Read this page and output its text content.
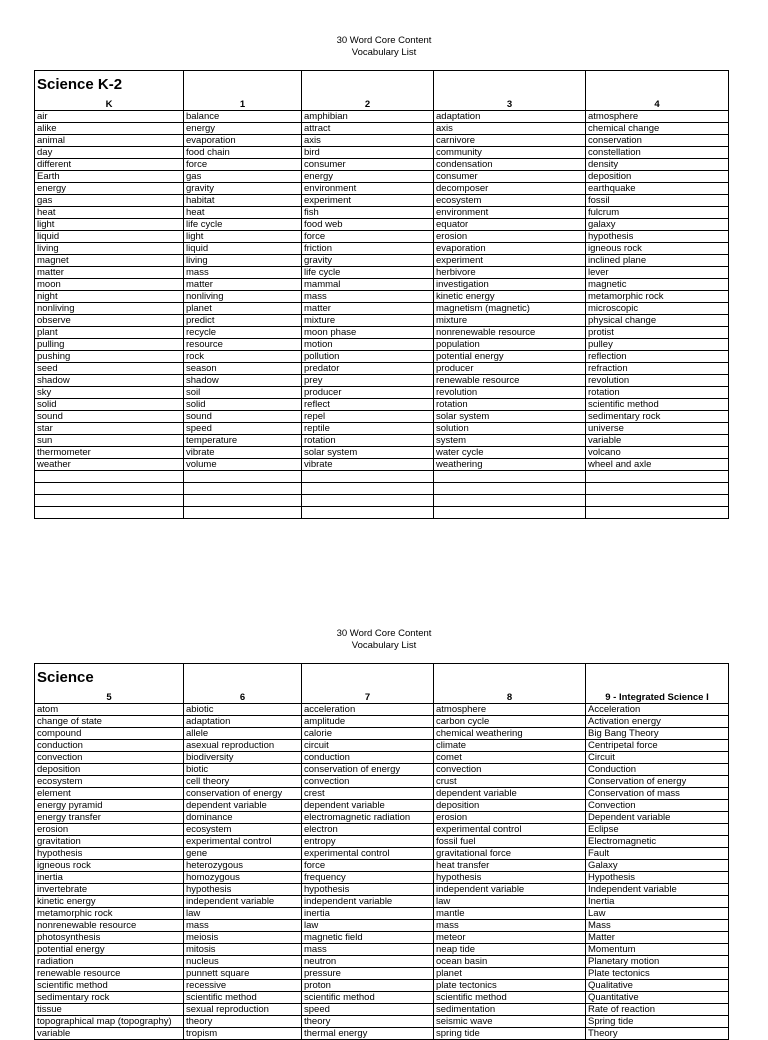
30 Word Core Content
Vocabulary List
Science K-2				
K	1	2	3	4
air	balance	amphibian	adaptation	atmosphere
alike	energy	attract	axis	chemical change
animal	evaporation	axis	carnivore	conservation
day	food chain	bird	community	constellation
different	force	consumer	condensation	density
Earth	gas	energy	consumer	deposition
energy	gravity	environment	decomposer	earthquake
gas	habitat	experiment	ecosystem	fossil
heat	heat	fish	environment	fulcrum
light	life cycle	food web	equator	galaxy
liquid	light	force	erosion	hypothesis
living	liquid	friction	evaporation	igneous rock
magnet	living	gravity	experiment	inclined plane
matter	mass	life cycle	herbivore	lever
moon	matter	mammal	investigation	magnetic
night	nonliving	mass	kinetic energy	metamorphic rock
nonliving	planet	matter	magnetism (magnetic)	microscopic
observe	predict	mixture	mixture	physical change
plant	recycle	moon phase	nonrenewable resource	protist
pulling	resource	motion	population	pulley
pushing	rock	pollution	potential energy	reflection
seed	season	predator	producer	refraction
shadow	shadow	prey	renewable resource	revolution
sky	soil	producer	revolution	rotation
solid	solid	reflect	rotation	scientific method
sound	sound	repel	solar system	sedimentary rock
star	speed	reptile	solution	universe
sun	temperature	rotation	system	variable
thermometer	vibrate	solar system	water cycle	volcano
weather	volume	vibrate	weathering	wheel and axle

30 Word Core Content
Vocabulary List
Science				
5	6	7	8	9 - Integrated Science I
atom	abiotic	acceleration	atmosphere	Acceleration
change of state	adaptation	amplitude	carbon cycle	Activation energy
compound	allele	calorie	chemical weathering	Big Bang Theory
conduction	asexual reproduction	circuit	climate	Centripetal force
convection	biodiversity	conduction	comet	Circuit
deposition	biotic	conservation of energy	convection	Conduction
ecosystem	cell theory	convection	crust	Conservation of energy
element	conservation of energy	crest	dependent variable	Conservation of mass
energy pyramid	dependent variable	dependent variable	deposition	Convection
energy transfer	dominance	electromagnetic radiation	erosion	Dependent variable
erosion	ecosystem	electron	experimental control	Eclipse
gravitation	experimental control	entropy	fossil fuel	Electromagnetic
hypothesis	gene	experimental control	gravitational force	Fault
igneous rock	heterozygous	force	heat transfer	Galaxy
inertia	homozygous	frequency	hypothesis	Hypothesis
invertebrate	hypothesis	hypothesis	independent variable	Independent variable
kinetic energy	independent variable	independent variable	law	Inertia
metamorphic rock	law	inertia	mantle	Law
nonrenewable resource	mass	law	mass	Mass
photosynthesis	meiosis	magnetic field	meteor	Matter
potential energy	mitosis	mass	neap tide	Momentum
radiation	nucleus	neutron	ocean basin	Planetary motion
renewable resource	punnett square	pressure	planet	Plate tectonics
scientific method	recessive	proton	plate tectonics	Qualitative
sedimentary rock	scientific method	scientific method	scientific method	Quantitative
tissue	sexual reproduction	speed	sedimentation	Rate of reaction
topographical map (topography)	theory	theory	seismic wave	Spring tide
variable	tropism	thermal energy	spring tide	Theory
